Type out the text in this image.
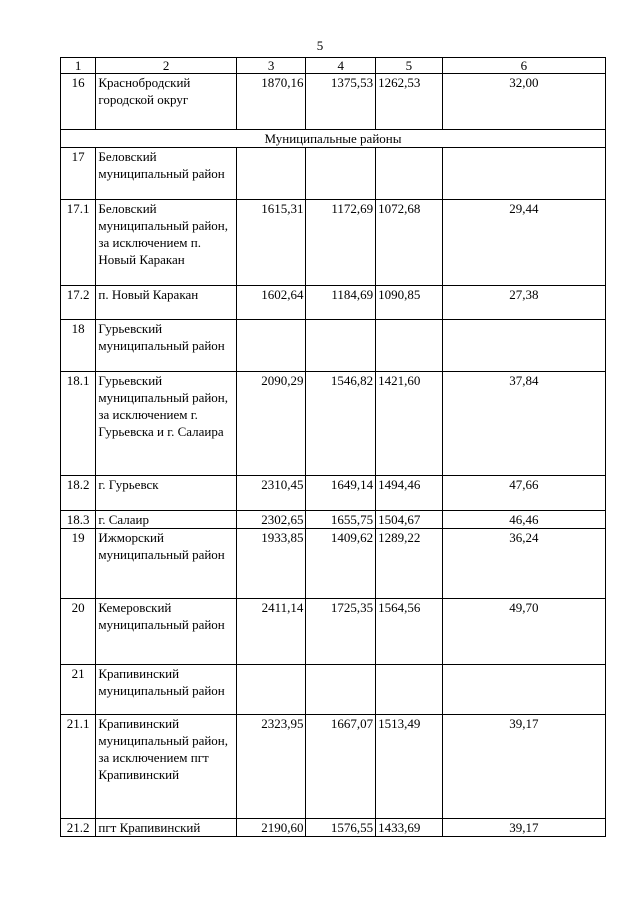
5
1	2	3	4	5	6
16	Краснобродский городской округ	1870,16	1375,53	1262,53	32,00
Муниципальные районы					
17	Беловский муниципальный район				
17.1	Беловский муниципальный район, за исключением п. Новый Каракан	1615,31	1172,69	1072,68	29,44
17.2	п. Новый Каракан	1602,64	1184,69	1090,85	27,38
18	Гурьевский муниципальный район				
18.1	Гурьевский муниципальный район, за исключением г. Гурьевска и г. Салаира	2090,29	1546,82	1421,60	37,84
18.2	г. Гурьевск	2310,45	1649,14	1494,46	47,66
18.3	г. Салаир	2302,65	1655,75	1504,67	46,46
19	Ижморский муниципальный район	1933,85	1409,62	1289,22	36,24
20	Кемеровский муниципальный район	2411,14	1725,35	1564,56	49,70
21	Крапивинский муниципальный район				
21.1	Крапивинский муниципальный район, за исключением пгт Крапивинский	2323,95	1667,07	1513,49	39,17
21.2	пгт Крапивинский	2190,60	1576,55	1433,69	39,17
